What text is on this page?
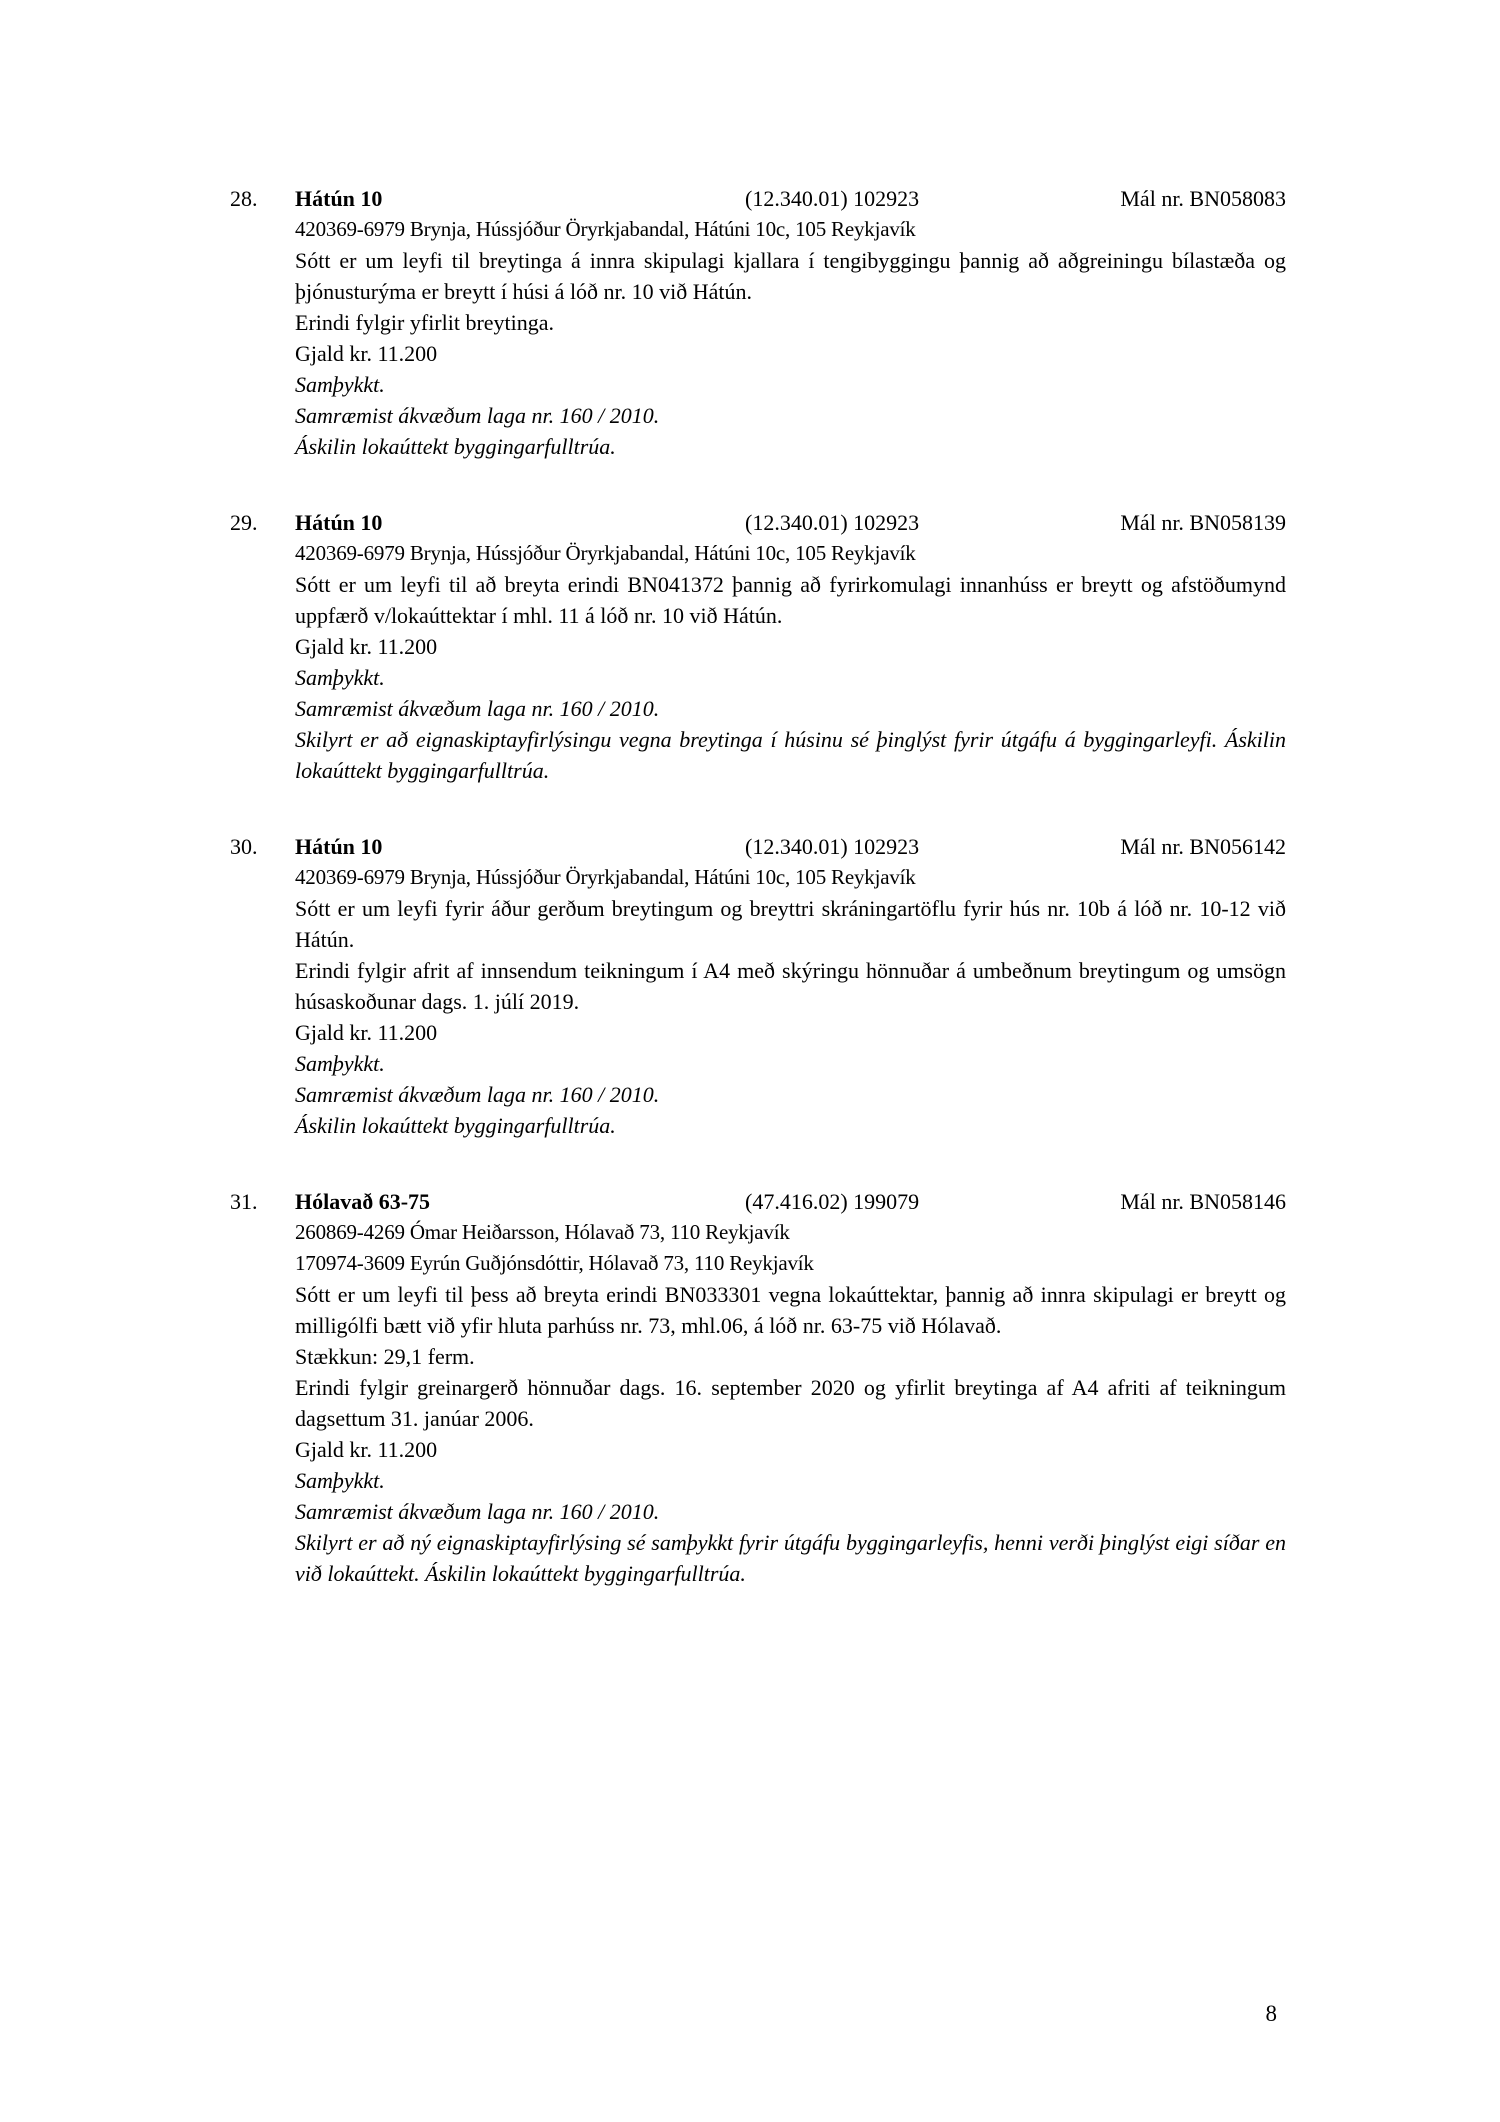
28. Hátún 10	(12.340.01) 102923	Mál nr. BN058083

420369-6979 Brynja, Hússjóður Öryrkjabandal, Hátúni 10c, 105 Reykjavík

Sótt er um leyfi til breytinga á innra skipulagi kjallara í tengibyggingu þannig að aðgreiningu bílastæða og þjónusturýma er breytt í húsi á lóð nr. 10 við Hátún.

Erindi fylgir yfirlit breytinga.

Gjald kr. 11.200

Samþykkt.

Samræmist ákvæðum laga nr. 160 / 2010.

Áskilin lokaúttekt byggingarfulltrúa.

29. Hátún 10	(12.340.01) 102923	Mál nr. BN058139

420369-6979 Brynja, Hússjóður Öryrkjabandal, Hátúni 10c, 105 Reykjavík

Sótt er um leyfi til að breyta erindi BN041372 þannig að fyrirkomulagi innanhúss er breytt og afstöðumynd uppfærð v/lokaúttektar í mhl. 11 á lóð nr. 10 við Hátún.

Gjald kr. 11.200

Samþykkt.

Samræmist ákvæðum laga nr. 160 / 2010.

Skilyrt er að eignaskiptayfirlýsingu vegna breytinga í húsinu sé þinglýst fyrir útgáfu á byggingarleyfi. Áskilin lokaúttekt byggingarfulltrúa.

30. Hátún 10	(12.340.01) 102923	Mál nr. BN056142

420369-6979 Brynja, Hússjóður Öryrkjabandal, Hátúni 10c, 105 Reykjavík

Sótt er um leyfi fyrir áður gerðum breytingum og breyttri skráningartöflu fyrir hús nr. 10b á lóð nr. 10-12 við Hátún.

Erindi fylgir afrit af innsendum teikningum í A4 með skýringu hönnuðar á umbeðnum breytingum og umsögn húsaskoðunar dags. 1. júlí 2019.

Gjald kr. 11.200

Samþykkt.

Samræmist ákvæðum laga nr. 160 / 2010.

Áskilin lokaúttekt byggingarfulltrúa.

31. Hólavað 63-75	(47.416.02) 199079	Mál nr. BN058146

260869-4269 Ómar Heiðarsson, Hólavað 73, 110 Reykjavík

170974-3609 Eyrún Guðjónsdóttir, Hólavað 73, 110 Reykjavík

Sótt er um leyfi til þess að breyta erindi BN033301 vegna lokaúttektar, þannig að innra skipulagi er breytt og milligólfi bætt við yfir hluta parhúss nr. 73, mhl.06, á lóð nr. 63-75 við Hólavað.

Stækkun: 29,1 ferm.

Erindi fylgir greinargerð hönnuðar dags. 16. september 2020 og yfirlit breytinga af A4 afriti af teikningum dagsettum 31. janúar 2006.

Gjald kr. 11.200

Samþykkt.

Samræmist ákvæðum laga nr. 160 / 2010.

Skilyrt er að ný eignaskiptayfirlýsing sé samþykkt fyrir útgáfu byggingarleyfis, henni verði þinglýst eigi síðar en við lokaúttekt. Áskilin lokaúttekt byggingarfulltrúa.

8
